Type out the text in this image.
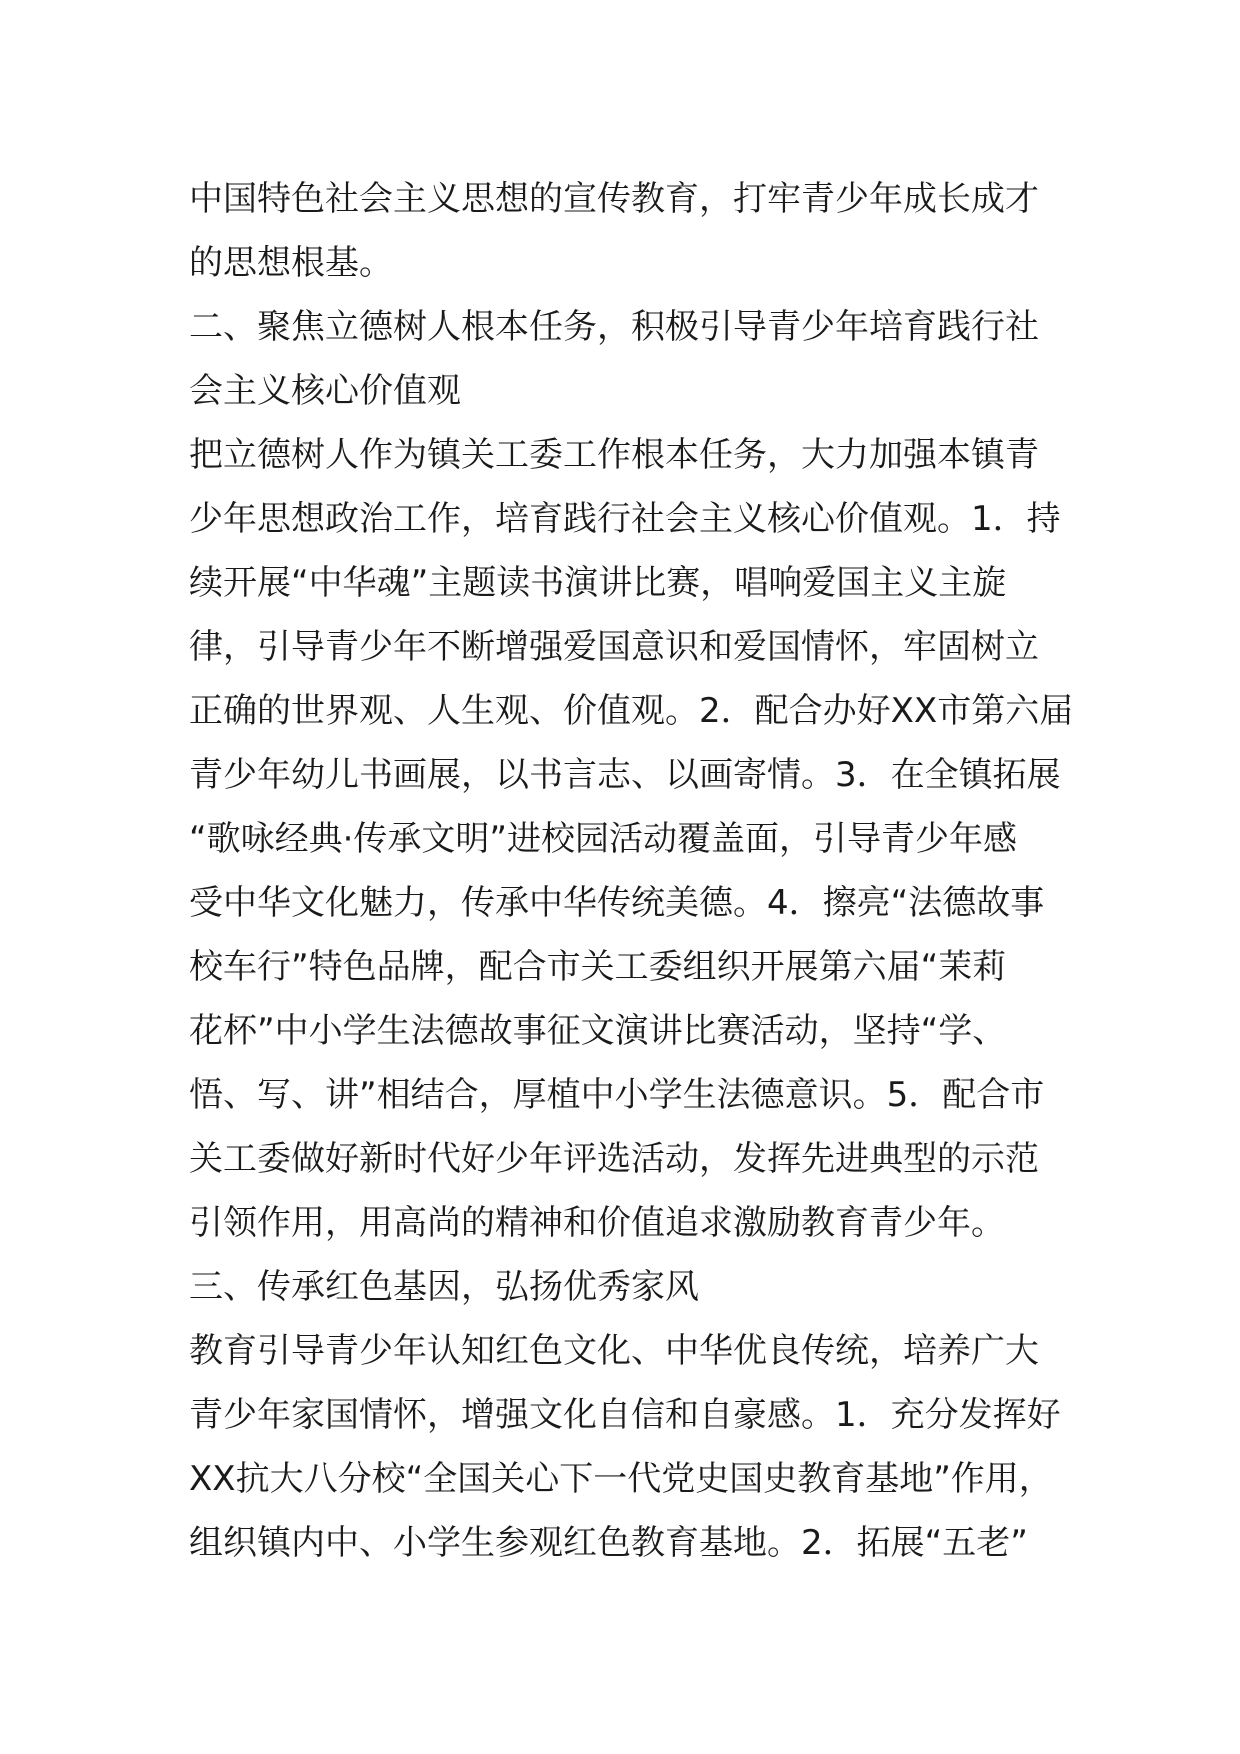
中国特色社会主义思想的宣传教育，打牢青少年成长成才
的思想根基。
二、聚焦立德树人根本任务，积极引导青少年培育践行社
会主义核心价值观
把立德树人作为镇关工委工作根本任务，大力加强本镇青
少年思想政治工作，培育践行社会主义核心价值观。1．持
续开展“中华魂”主题读书演讲比赛，唱响爱国主义主旋
律，引导青少年不断增强爱国意识和爱国情怀，牢固树立
正确的世界观、人生观、价值观。2．配合办好XX市第六届
青少年幼儿书画展，以书言志、以画寄情。3．在全镇拓展
“歌咏经典·传承文明”进校园活动覆盖面，引导青少年感
受中华文化魅力，传承中华传统美德。4．擦亮“法德故事
校车行”特色品牌，配合市关工委组织开展第六届“茉莉
花杯”中小学生法德故事征文演讲比赛活动，坚持“学、
悟、写、讲”相结合，厚植中小学生法德意识。5．配合市
关工委做好新时代好少年评选活动，发挥先进典型的示范
引领作用，用高尚的精神和价值追求激励教育青少年。
三、传承红色基因，弘扬优秀家风
教育引导青少年认知红色文化、中华优良传统，培养广大
青少年家国情怀，增强文化自信和自豪感。1．充分发挥好
XX抗大八分校“全国关心下一代党史国史教育基地”作用，
组织镇内中、小学生参观红色教育基地。2．拓展“五老”
